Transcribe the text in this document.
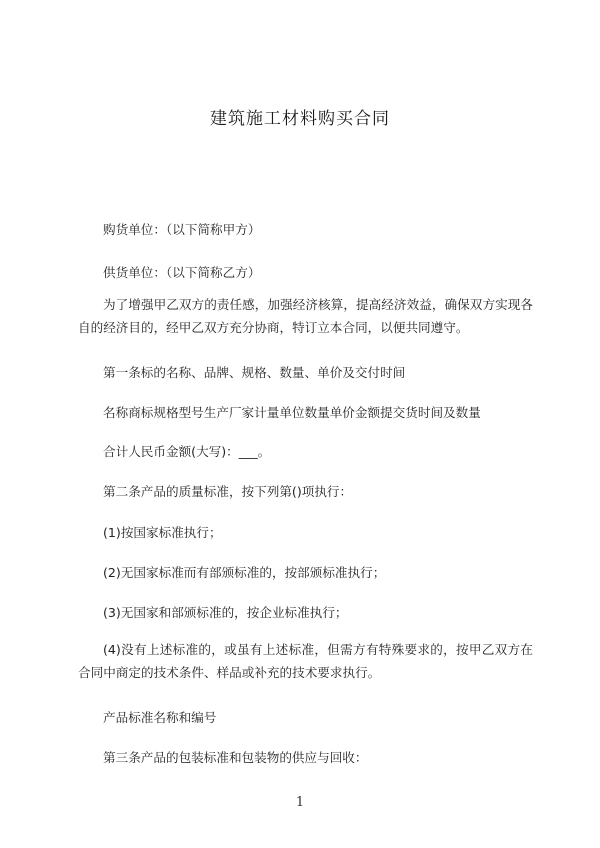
建筑施工材料购买合同
购货单位：（以下简称甲方）
供货单位：（以下简称乙方）
为了增强甲乙双方的责任感，加强经济核算，提高经济效益，确保双方实现各自的经济目的，经甲乙双方充分协商，特订立本合同，以便共同遵守。
第一条标的名称、品牌、规格、数量、单价及交付时间
名称商标规格型号生产厂家计量单位数量单价金额提交货时间及数量
合计人民币金额(大写)：___。
第二条产品的质量标准，按下列第()项执行：
(1)按国家标准执行；
(2)无国家标准而有部颁标准的，按部颁标准执行；
(3)无国家和部颁标准的，按企业标准执行；
(4)没有上述标准的，或虽有上述标准，但需方有特殊要求的，按甲乙双方在合同中商定的技术条件、样品或补充的技术要求执行。
产品标准名称和编号
第三条产品的包装标准和包装物的供应与回收：
1
